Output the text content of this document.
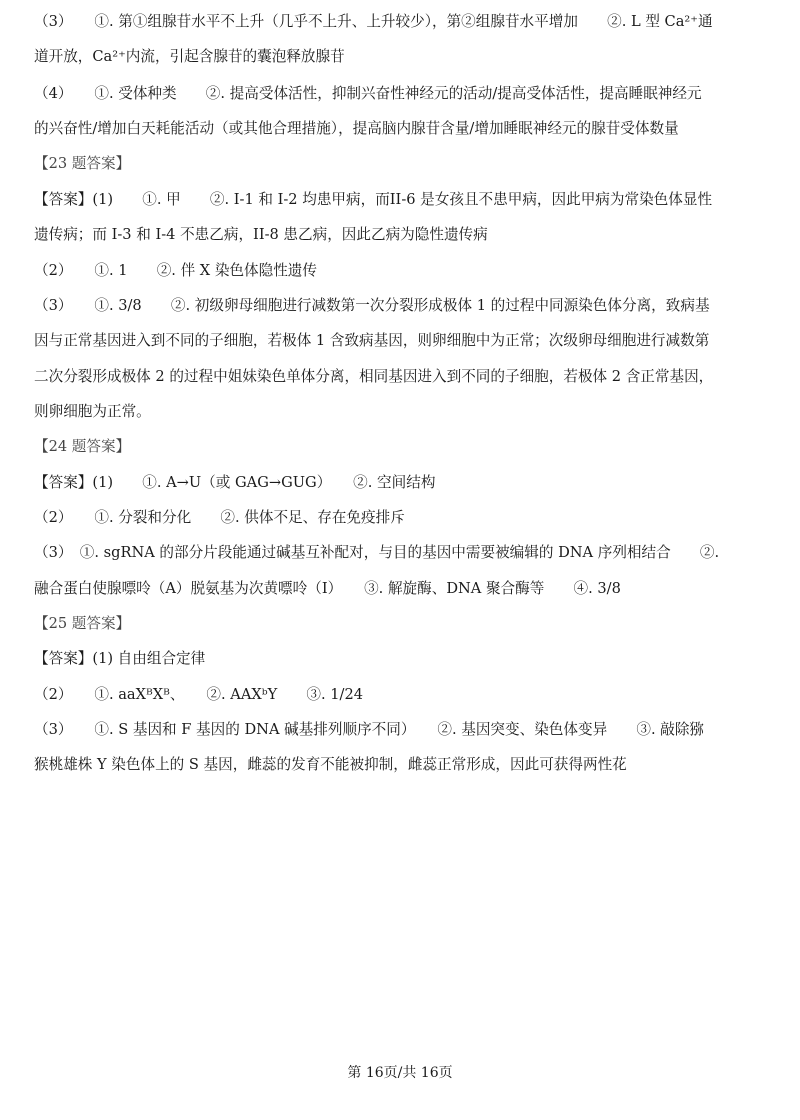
（3）　　①. 第①组腺苷水平不上升（几乎不上升、上升较少），第②组腺苷水平增加　　②. L 型 Ca²⁺通
道开放，Ca²⁺内流，引起含腺苷的囊泡释放腺苷
（4）　　①. 受体种类　　②. 提高受体活性，抑制兴奋性神经元的活动/提高受体活性，提高睡眠神经元
的兴奋性/增加白天耗能活动（或其他合理措施），提高脑内腺苷含量/增加睡眠神经元的腺苷受体数量
【23 题答案】
【答案】(1)　　①. 甲　　②. I-1 和 I-2 均患甲病，而II-6 是女孩且不患甲病，因此甲病为常染色体显性
遗传病；而 I-3 和 I-4 不患乙病，II-8 患乙病，因此乙病为隐性遗传病
（2）　　①. 1　　②. 伴 X 染色体隐性遗传
（3）　　①. 3/8　　②. 初级卵母细胞进行减数第一次分裂形成极体 1 的过程中同源染色体分离，致病基
因与正常基因进入到不同的子细胞，若极体 1 含致病基因，则卵细胞中为正常；次级卵母细胞进行减数第
二次分裂形成极体 2 的过程中姐妹染色单体分离，相同基因进入到不同的子细胞，若极体 2 含正常基因，
则卵细胞为正常。
【24 题答案】
【答案】(1)　　①. A→U（或 GAG→GUG）　　②. 空间结构
（2）　　①. 分裂和分化　　②. 供体不足、存在免疫排斥
（3）　①. sgRNA 的部分片段能通过碱基互补配对，与目的基因中需要被编辑的 DNA 序列相结合　　②.
融合蛋白使腺嘌呤（A）脱氨基为次黄嘌呤（I）　　③. 解旋酶、DNA 聚合酶等　　④. 3/8
【25 题答案】
【答案】(1) 自由组合定律
（2）　　①. aaXᴮXᴮ、　　②. AAXᵇY　　③. 1/24
（3）　　①. S 基因和 F 基因的 DNA 碱基排列顺序不同）　　②. 基因突变、染色体变异　　③. 敲除猕
猴桃雄株 Y 染色体上的 S 基因，雌蕊的发育不能被抑制，雌蕊正常形成，因此可获得两性花
第 16页/共 16页
